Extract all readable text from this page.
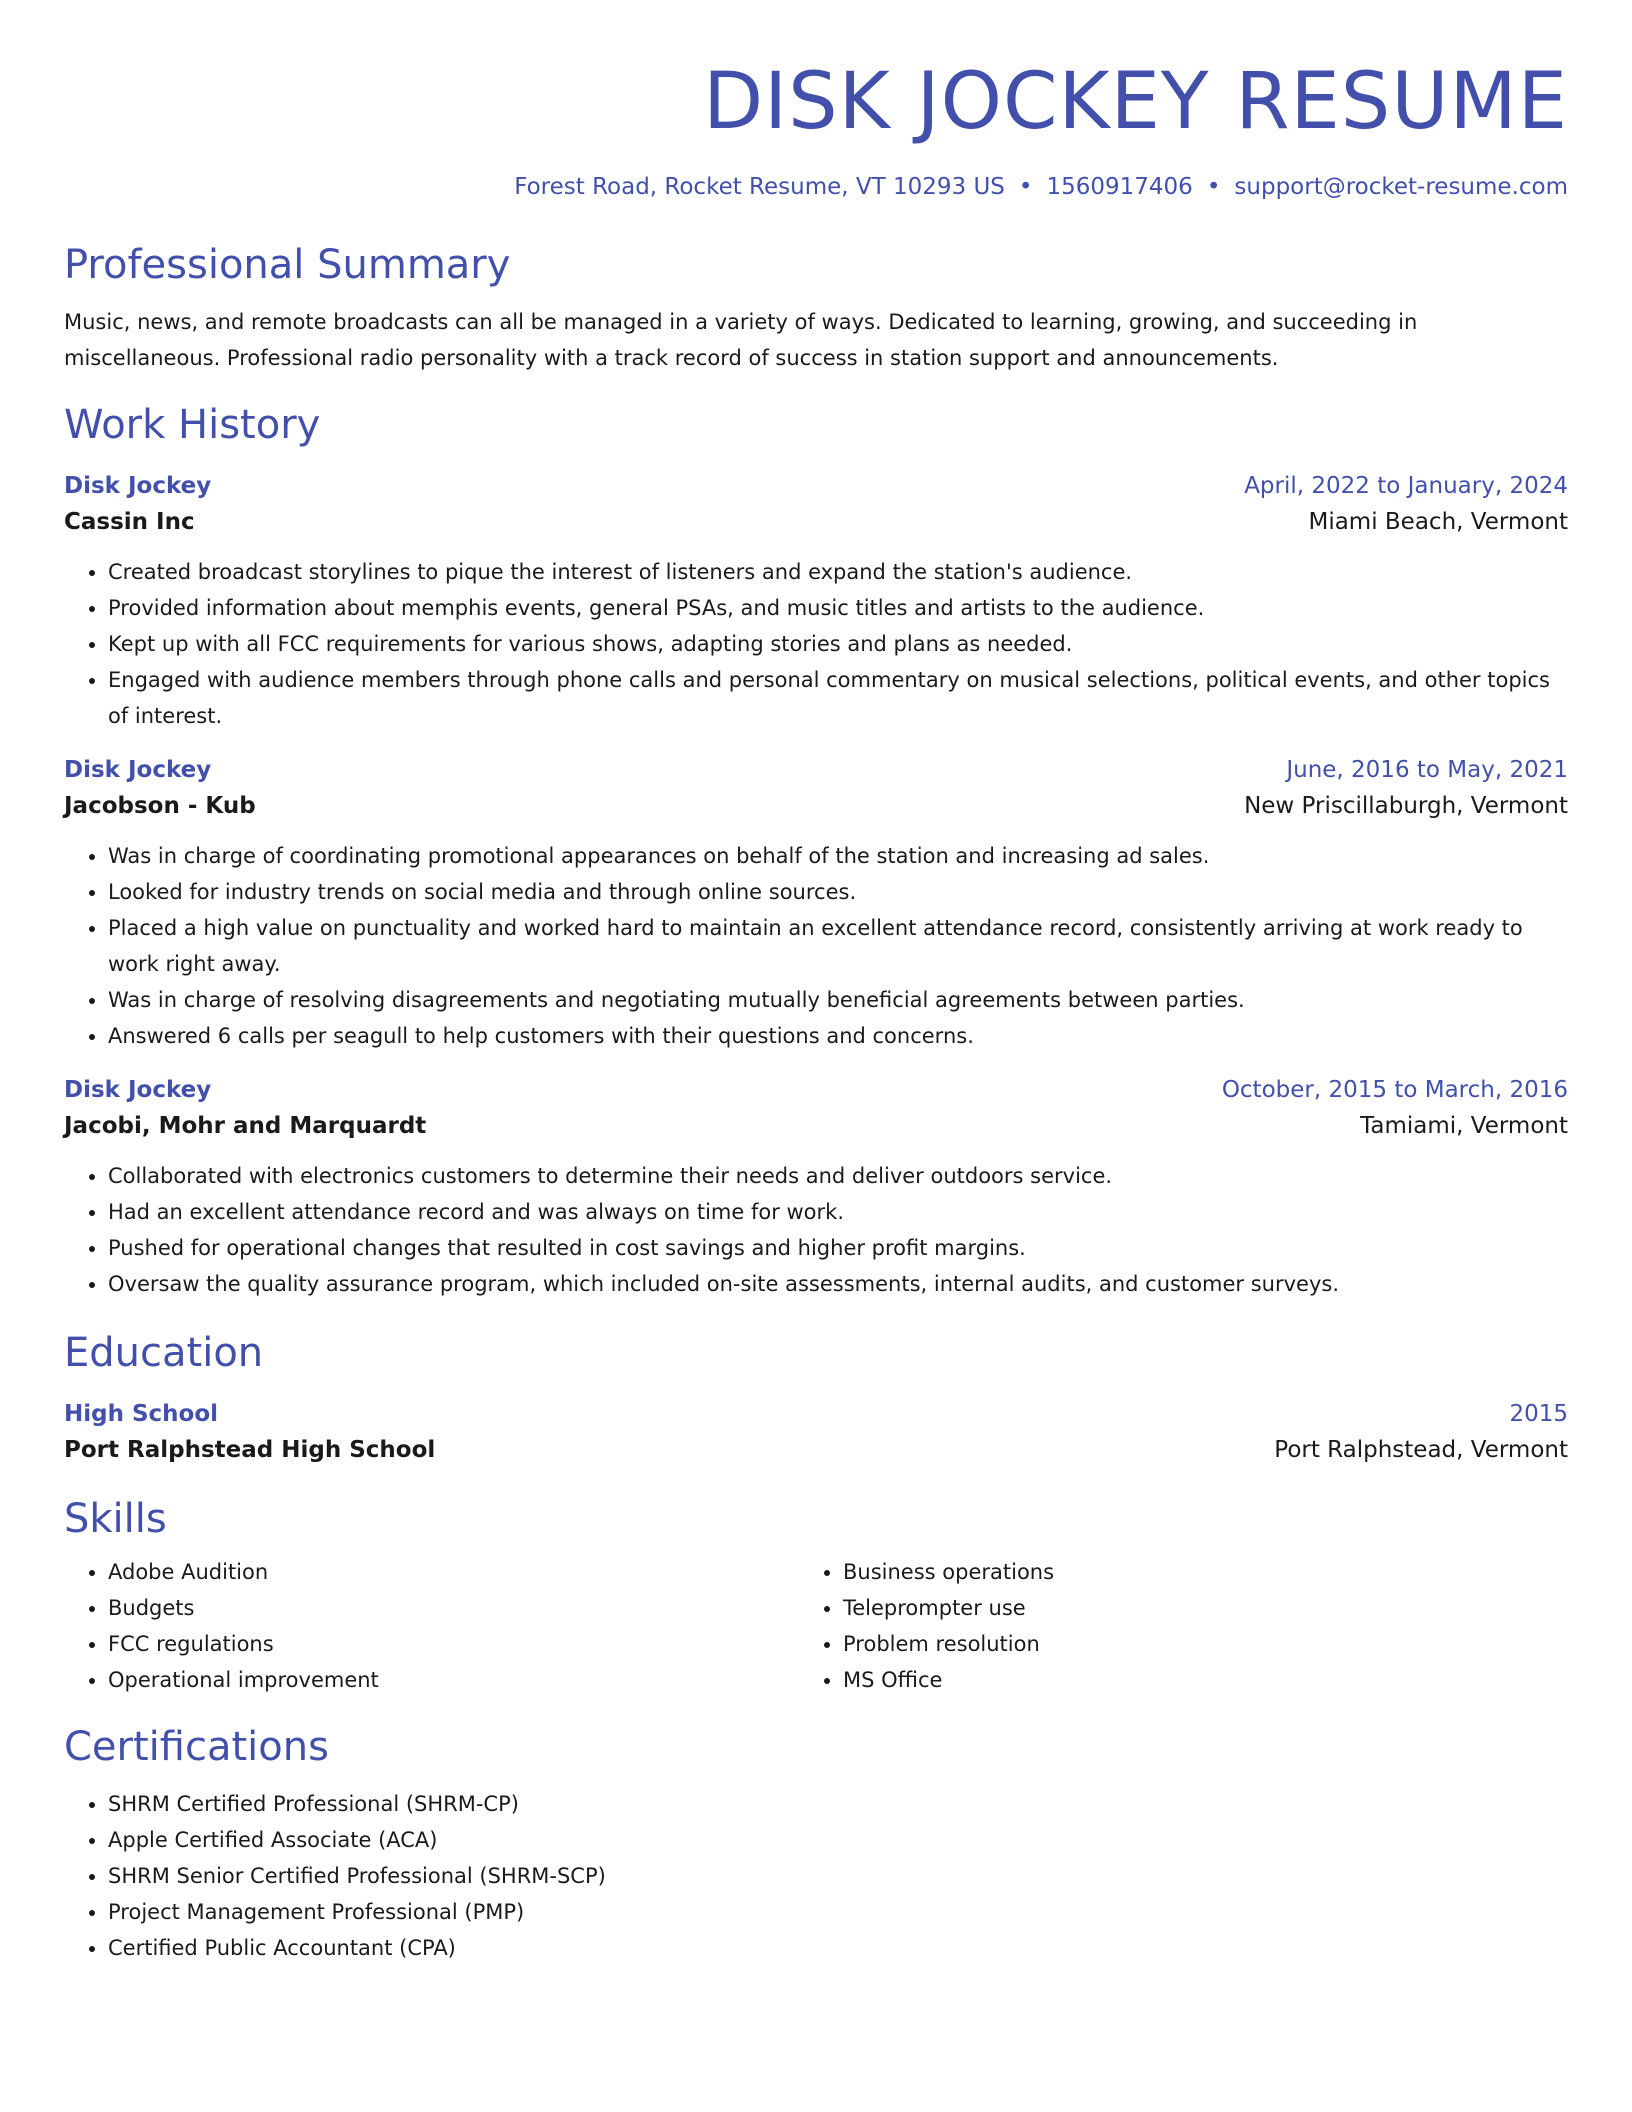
DISK JOCKEY RESUME
Forest Road, Rocket Resume, VT 10293 US • 1560917406 • support@rocket-resume.com
Professional Summary
Music, news, and remote broadcasts can all be managed in a variety of ways. Dedicated to learning, growing, and succeeding in miscellaneous. Professional radio personality with a track record of success in station support and announcements.
Work History
Disk Jockey	April, 2022 to January, 2024
Cassin Inc	Miami Beach, Vermont
• Created broadcast storylines to pique the interest of listeners and expand the station's audience.
• Provided information about memphis events, general PSAs, and music titles and artists to the audience.
• Kept up with all FCC requirements for various shows, adapting stories and plans as needed.
• Engaged with audience members through phone calls and personal commentary on musical selections, political events, and other topics of interest.
Disk Jockey	June, 2016 to May, 2021
Jacobson - Kub	New Priscillaburgh, Vermont
• Was in charge of coordinating promotional appearances on behalf of the station and increasing ad sales.
• Looked for industry trends on social media and through online sources.
• Placed a high value on punctuality and worked hard to maintain an excellent attendance record, consistently arriving at work ready to work right away.
• Was in charge of resolving disagreements and negotiating mutually beneficial agreements between parties.
• Answered 6 calls per seagull to help customers with their questions and concerns.
Disk Jockey	October, 2015 to March, 2016
Jacobi, Mohr and Marquardt	Tamiami, Vermont
• Collaborated with electronics customers to determine their needs and deliver outdoors service.
• Had an excellent attendance record and was always on time for work.
• Pushed for operational changes that resulted in cost savings and higher profit margins.
• Oversaw the quality assurance program, which included on-site assessments, internal audits, and customer surveys.
Education
High School	2015
Port Ralphstead High School	Port Ralphstead, Vermont
Skills
• Adobe Audition
• Budgets
• FCC regulations
• Operational improvement
• Business operations
• Teleprompter use
• Problem resolution
• MS Office
Certifications
• SHRM Certified Professional (SHRM-CP)
• Apple Certified Associate (ACA)
• SHRM Senior Certified Professional (SHRM-SCP)
• Project Management Professional (PMP)
• Certified Public Accountant (CPA)
